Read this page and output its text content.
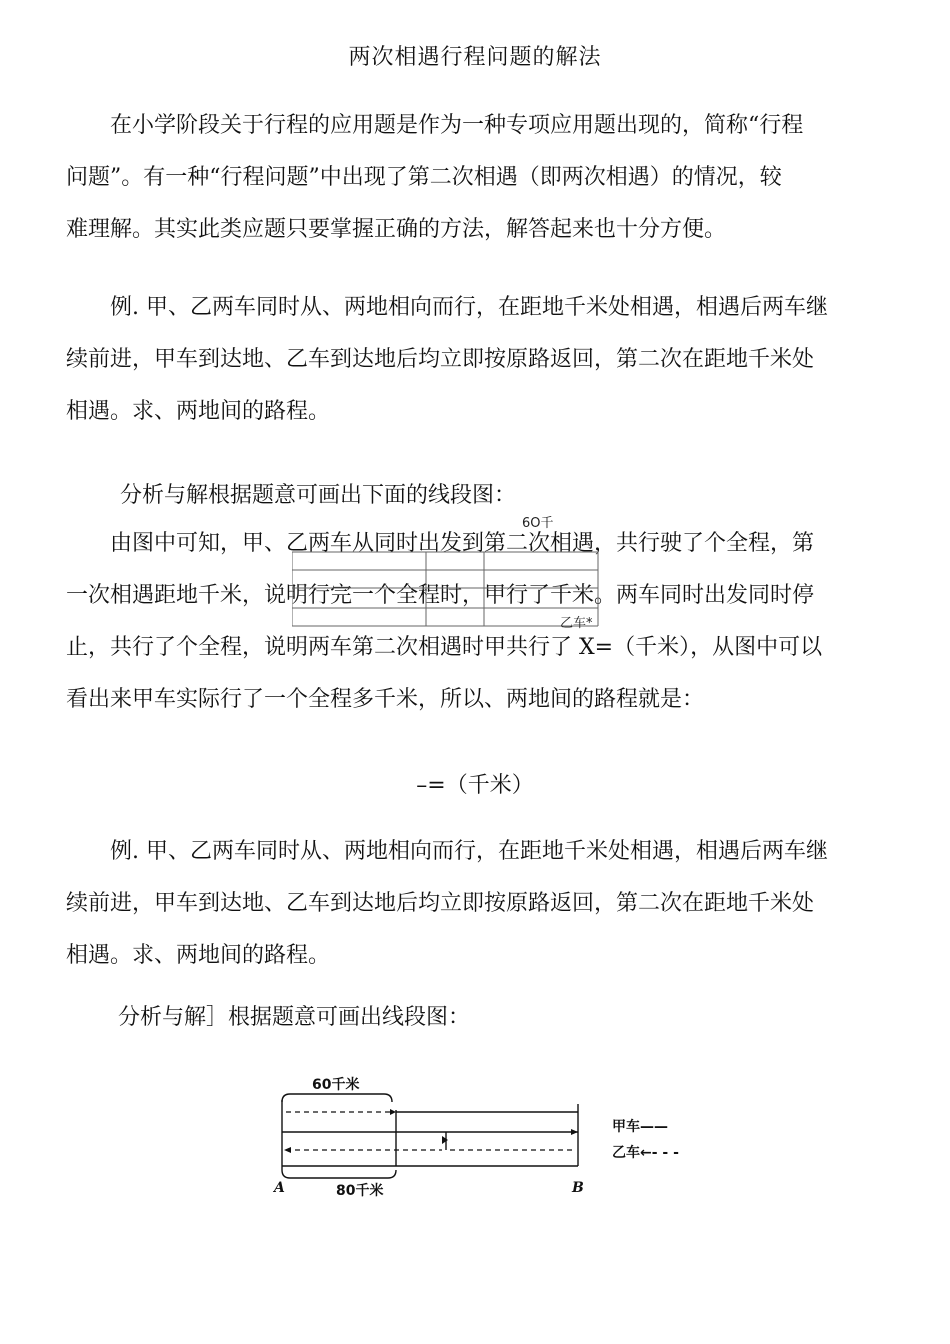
两次相遇行程问题的解法
在小学阶段关于行程的应用题是作为一种专项应用题出现的，简称“行程
问题”。有一种“行程问题”中出现了第二次相遇（即两次相遇）的情况，较
难理解。其实此类应题只要掌握正确的方法，解答起来也十分方便。
例. 甲、乙两车同时从、两地相向而行，在距地千米处相遇，相遇后两车继
续前进，甲车到达地、乙车到达地后均立即按原路返回，第二次在距地千米处
相遇。求、两地间的路程。
分析与解根据题意可画出下面的线段图：
由图中可知，甲、乙两车从同时出发到第二次相遇，共行驶了个全程，第
一次相遇距地千米，说明行完一个全程时，甲行了千米。两车同时出发同时停
止，共行了个全程，说明两车第二次相遇时甲共行了 X=（千米），从图中可以
看出来甲车实际行了一个全程多千米，所以、两地间的路程就是：
6O千
乙车*
–=（千米）
例. 甲、乙两车同时从、两地相向而行，在距地千米处相遇，相遇后两车继
续前进，甲车到达地、乙车到达地后均立即按原路返回，第二次在距地千米处
相遇。求、两地间的路程。
分析与解］根据题意可画出线段图：
60千米
A	80千米	B
甲车——
乙车←- - -
